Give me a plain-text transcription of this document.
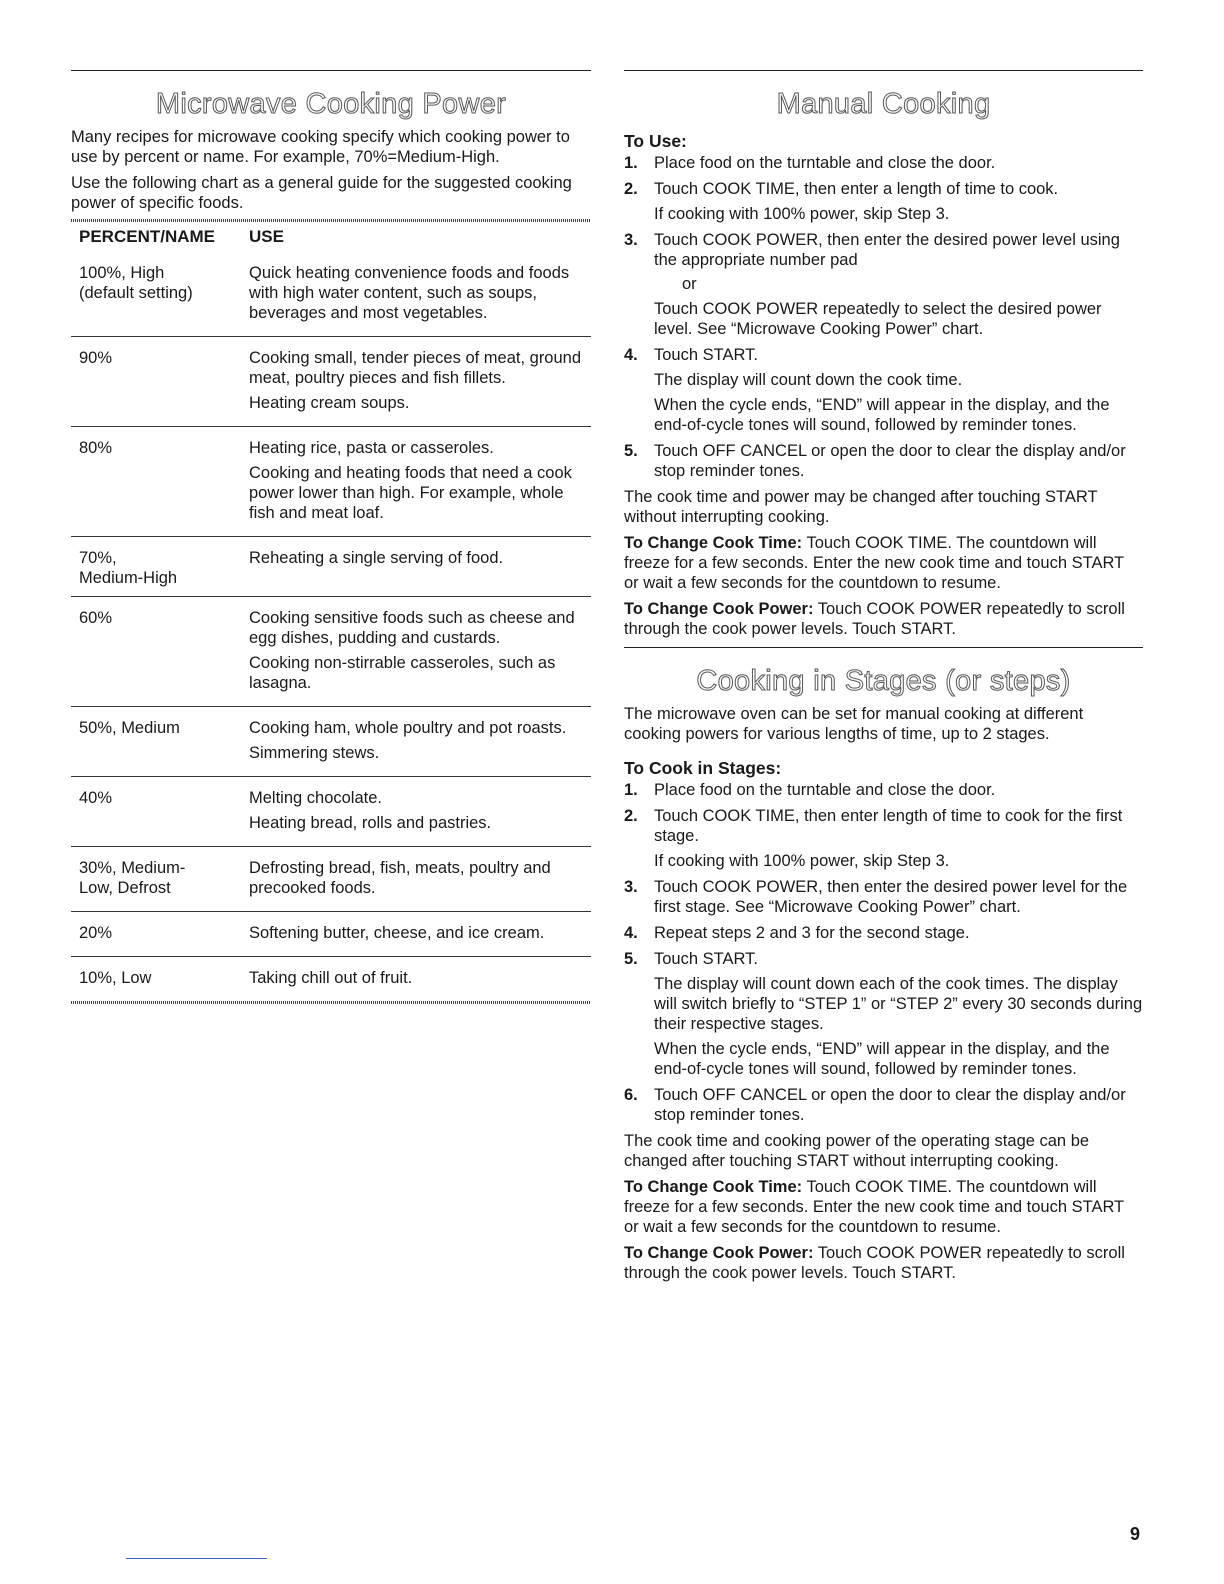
Microwave Cooking Power

Many recipes for microwave cooking specify which cooking power to use by percent or name. For example, 70%=Medium-High.

Use the following chart as a general guide for the suggested cooking power of specific foods.

PERCENT/NAME	USE

100%, High
(default setting)	Quick heating convenience foods and foods with high water content, such as soups, beverages and most vegetables.

90%	Cooking small, tender pieces of meat, ground meat, poultry pieces and fish fillets.
Heating cream soups.

80%	Heating rice, pasta or casseroles.
Cooking and heating foods that need a cook power lower than high. For example, whole fish and meat loaf.

70%,
Medium-High	Reheating a single serving of food.

60%	Cooking sensitive foods such as cheese and egg dishes, pudding and custards.
Cooking non-stirrable casseroles, such as lasagna.

50%, Medium	Cooking ham, whole poultry and pot roasts.
Simmering stews.

40%	Melting chocolate.
Heating bread, rolls and pastries.

30%, Medium-
Low, Defrost	Defrosting bread, fish, meats, poultry and precooked foods.

20%	Softening butter, cheese, and ice cream.

10%, Low	Taking chill out of fruit.
Manual Cooking
To Use:
1. Place food on the turntable and close the door.
2. Touch COOK TIME, then enter a length of time to cook.
If cooking with 100% power, skip Step 3.
3. Touch COOK POWER, then enter the desired power level using the appropriate number pad
or
Touch COOK POWER repeatedly to select the desired power level. See “Microwave Cooking Power” chart.
4. Touch START.
The display will count down the cook time.
When the cycle ends, “END” will appear in the display, and the end-of-cycle tones will sound, followed by reminder tones.
5. Touch OFF CANCEL or open the door to clear the display and/or stop reminder tones.

The cook time and power may be changed after touching START without interrupting cooking.

To Change Cook Time: Touch COOK TIME. The countdown will freeze for a few seconds. Enter the new cook time and touch START or wait a few seconds for the countdown to resume.

To Change Cook Power: Touch COOK POWER repeatedly to scroll through the cook power levels. Touch START.

Cooking in Stages (or steps)

The microwave oven can be set for manual cooking at different cooking powers for various lengths of time, up to 2 stages.

To Cook in Stages:
1. Place food on the turntable and close the door.
2. Touch COOK TIME, then enter length of time to cook for the first stage.
If cooking with 100% power, skip Step 3.
3. Touch COOK POWER, then enter the desired power level for the first stage. See “Microwave Cooking Power” chart.
4. Repeat steps 2 and 3 for the second stage.
5. Touch START.
The display will count down each of the cook times. The display will switch briefly to “STEP 1” or “STEP 2” every 30 seconds during their respective stages.
When the cycle ends, “END” will appear in the display, and the end-of-cycle tones will sound, followed by reminder tones.
6. Touch OFF CANCEL or open the door to clear the display and/or stop reminder tones.

The cook time and cooking power of the operating stage can be changed after touching START without interrupting cooking.

To Change Cook Time: Touch COOK TIME. The countdown will freeze for a few seconds. Enter the new cook time and touch START or wait a few seconds for the countdown to resume.

To Change Cook Power: Touch COOK POWER repeatedly to scroll through the cook power levels. Touch START.

9
